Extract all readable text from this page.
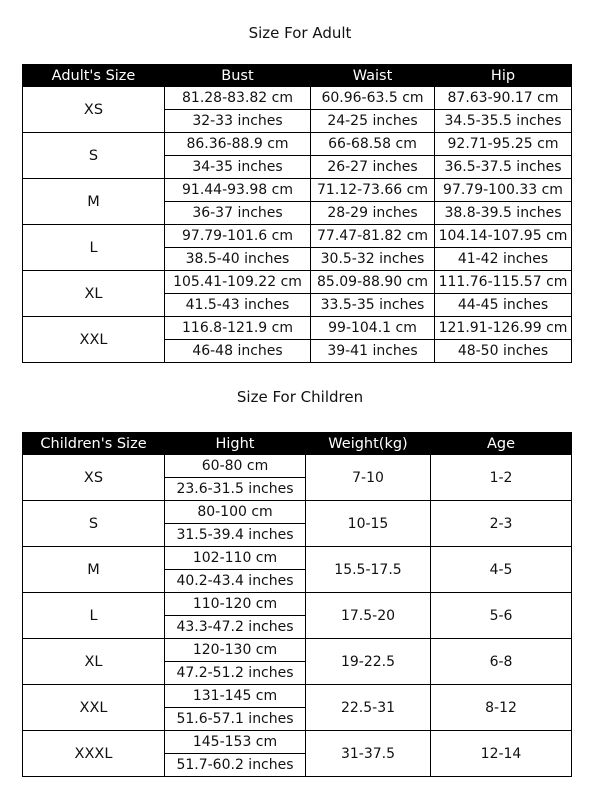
Size For Adult
Adult's Size	Bust	Waist	Hip
XS	81.28-83.82 cm	60.96-63.5 cm	87.63-90.17 cm
	32-33 inches	24-25 inches	34.5-35.5 inches
S	86.36-88.9 cm	66-68.58 cm	92.71-95.25 cm
	34-35 inches	26-27 inches	36.5-37.5 inches
M	91.44-93.98 cm	71.12-73.66 cm	97.79-100.33 cm
	36-37 inches	28-29 inches	38.8-39.5 inches
L	97.79-101.6 cm	77.47-81.82 cm	104.14-107.95 cm
	38.5-40 inches	30.5-32 inches	41-42 inches
XL	105.41-109.22 cm	85.09-88.90 cm	111.76-115.57 cm
	41.5-43 inches	33.5-35 inches	44-45 inches
XXL	116.8-121.9 cm	99-104.1 cm	121.91-126.99 cm
	46-48 inches	39-41 inches	48-50 inches
Size For Children
Children's Size	Hight	Weight(kg)	Age
XS	60-80 cm	7-10	1-2
	23.6-31.5 inches		
S	80-100 cm	10-15	2-3
	31.5-39.4 inches		
M	102-110 cm	15.5-17.5	4-5
	40.2-43.4 inches		
L	110-120 cm	17.5-20	5-6
	43.3-47.2 inches		
XL	120-130 cm	19-22.5	6-8
	47.2-51.2 inches		
XXL	131-145 cm	22.5-31	8-12
	51.6-57.1 inches		
XXXL	145-153 cm	31-37.5	12-14
	51.7-60.2 inches		
